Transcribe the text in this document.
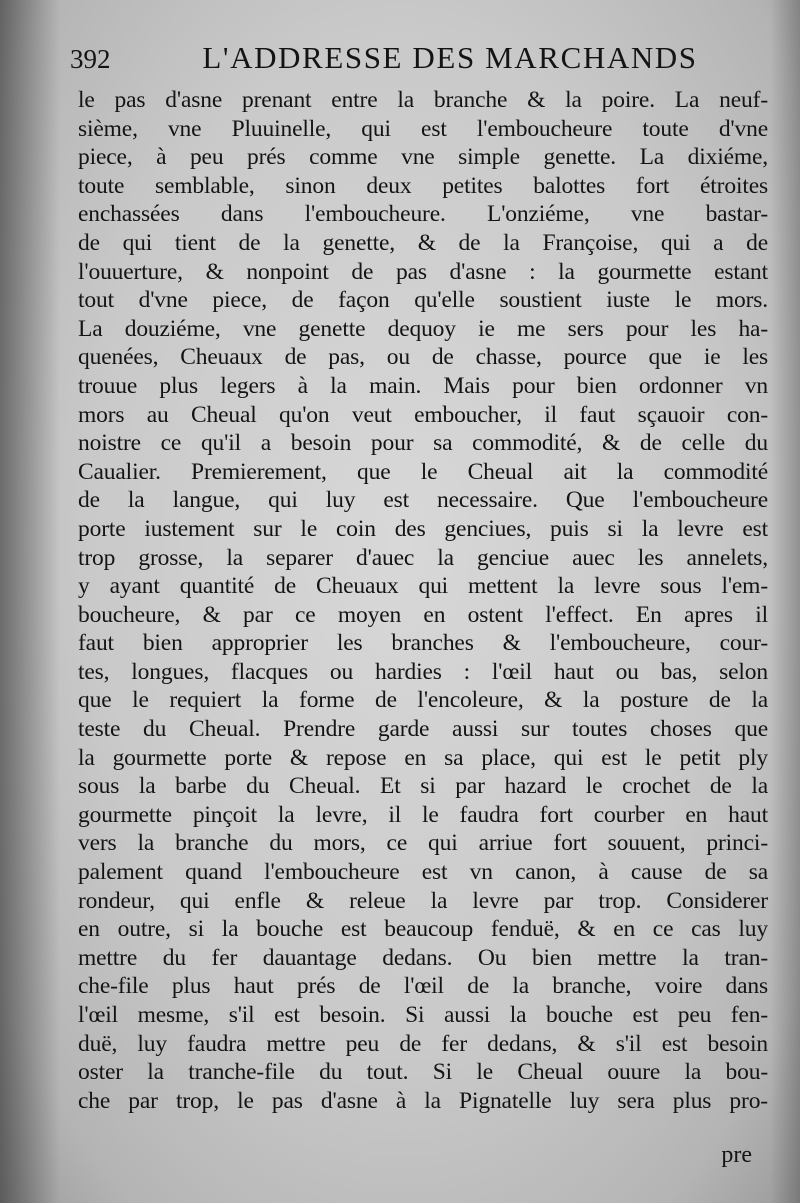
392	L'ADDRESSE DES MARCHANDS
le pas d'asne prenant entre la branche & la poire. La neuf-
sième, vne Pluuinelle, qui est l'emboucheure toute d'vne
piece, à peu prés comme vne simple genette. La dixiéme,
toute semblable, sinon deux petites balottes fort étroites
enchassées dans l'emboucheure. L'onziéme, vne bastar-
de qui tient de la genette, & de la Françoise, qui a de
l'ouuerture, & nonpoint de pas d'asne : la gourmette estant
tout d'vne piece, de façon qu'elle soustient iuste le mors.
La douziéme, vne genette dequoy ie me sers pour les ha-
quenées, Cheuaux de pas, ou de chasse, pource que ie les
trouue plus legers à la main. Mais pour bien ordonner vn
mors au Cheual qu'on veut emboucher, il faut sçauoir con-
noistre ce qu'il a besoin pour sa commodité, & de celle du
Caualier. Premierement, que le Cheual ait la commodité
de la langue, qui luy est necessaire. Que l'emboucheure
porte iustement sur le coin des genciues, puis si la levre est
trop grosse, la separer d'auec la genciue auec les annelets,
y ayant quantité de Cheuaux qui mettent la levre sous l'em-
boucheure, & par ce moyen en ostent l'effect. En apres il
faut bien approprier les branches & l'emboucheure, cour-
tes, longues, flacques ou hardies : l'œil haut ou bas, selon
que le requiert la forme de l'encoleure, & la posture de la
teste du Cheual. Prendre garde aussi sur toutes choses que
la gourmette porte & repose en sa place, qui est le petit ply
sous la barbe du Cheual. Et si par hazard le crochet de la
gourmette pinçoit la levre, il le faudra fort courber en haut
vers la branche du mors, ce qui arriue fort souuent, princi-
palement quand l'emboucheure est vn canon, à cause de sa
rondeur, qui enfle & releue la levre par trop. Considerer
en outre, si la bouche est beaucoup fenduë, & en ce cas luy
mettre du fer dauantage dedans. Ou bien mettre la tran-
che-file plus haut prés de l'œil de la branche, voire dans
l'œil mesme, s'il est besoin. Si aussi la bouche est peu fen-
duë, luy faudra mettre peu de fer dedans, & s'il est besoin
oster la tranche-file du tout. Si le Cheual ouure la bou-
che par trop, le pas d'asne à la Pignatelle luy sera plus pro-
pre
